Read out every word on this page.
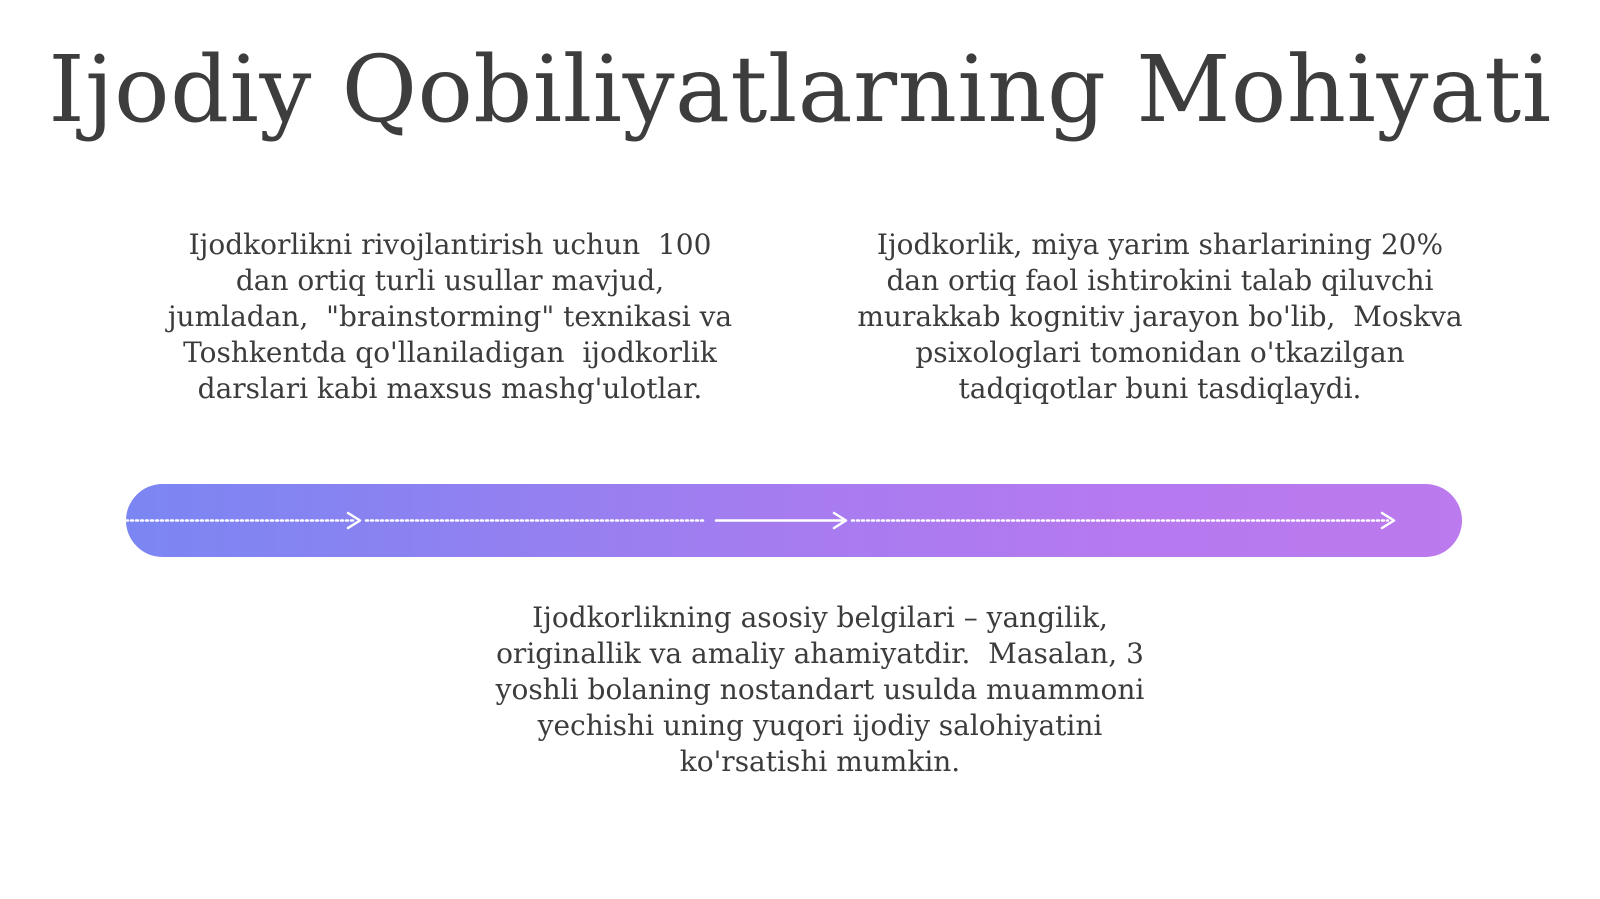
Ijodiy Qobiliyatlarning Mohiyati
Ijodkorlikni rivojlantirish uchun  100
dan ortiq turli usullar mavjud,
jumladan,  "brainstorming" texnikasi va
Toshkentda qo'llaniladigan  ijodkorlik
darslari kabi maxsus mashg'ulotlar.
Ijodkorlik, miya yarim sharlarining 20%
dan ortiq faol ishtirokini talab qiluvchi
murakkab kognitiv jarayon bo'lib,  Moskva
psixologlari tomonidan o'tkazilgan
tadqiqotlar buni tasdiqlaydi.
Ijodkorlikning asosiy belgilari – yangilik,
originallik va amaliy ahamiyatdir.  Masalan, 3
yoshli bolaning nostandart usulda muammoni
yechishi uning yuqori ijodiy salohiyatini
ko'rsatishi mumkin.
